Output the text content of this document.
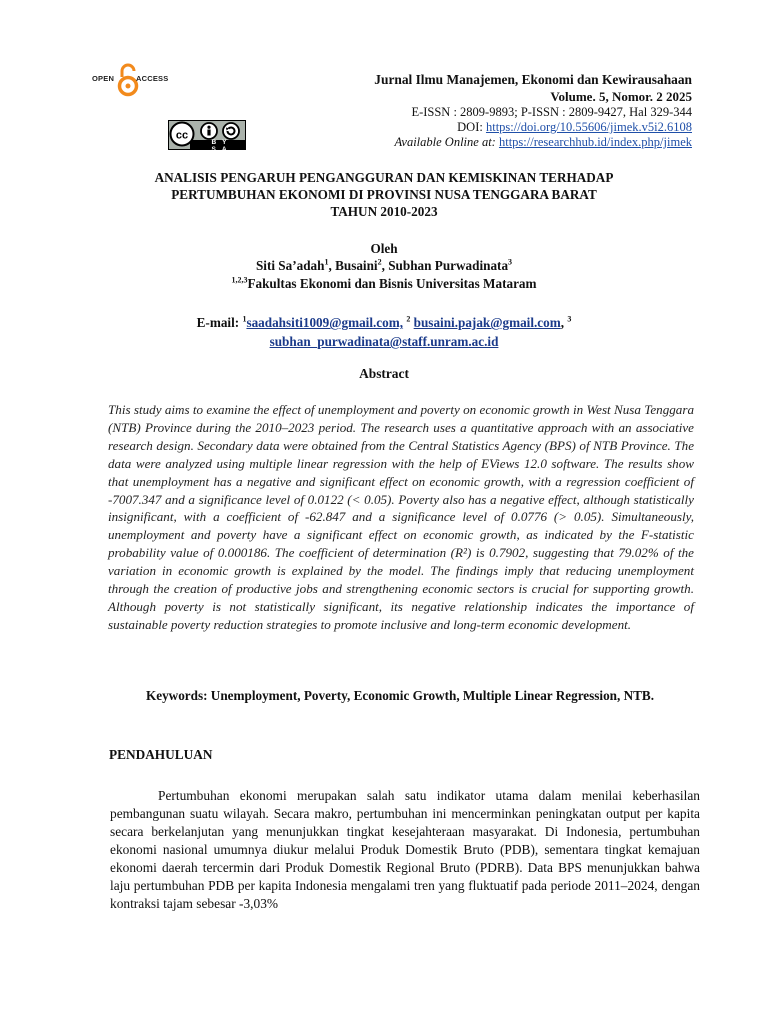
OPEN	ACCESS
cc
BY SA
Jurnal Ilmu Manajemen, Ekonomi dan Kewirausahaan
Volume. 5, Nomor. 2 2025
E-ISSN : 2809-9893; P-ISSN : 2809-9427, Hal 329-344
DOI: https://doi.org/10.55606/jimek.v5i2.6108
Available Online at: https://researchhub.id/index.php/jimek
ANALISIS PENGARUH PENGANGGURAN DAN KEMISKINAN TERHADAP
PERTUMBUHAN EKONOMI DI PROVINSI NUSA TENGGARA BARAT
TAHUN 2010-2023
Oleh
Siti Sa’adah$^1$, Busaini$^2$, Subhan Purwadinata$^3$
$^{1,2,3}$Fakultas Ekonomi dan Bisnis Universitas Mataram
E-mail: $^1$saadahsiti1009@gmail.com, $^2$ busaini.pajak@gmail.com, $^3$
subhan_purwadinata@staff.unram.ac.id
Abstract
This study aims to examine the effect of unemployment and poverty on economic growth in West Nusa Tenggara (NTB) Province during the 2010–2023 period. The research uses a quantitative approach with an associative research design. Secondary data were obtained from the Central Statistics Agency (BPS) of NTB Province. The data were analyzed using multiple linear regression with the help of EViews 12.0 software. The results show that unemployment has a negative and significant effect on economic growth, with a regression coefficient of -7007.347 and a significance level of 0.0122 (< 0.05). Poverty also has a negative effect, although statistically insignificant, with a coefficient of -62.847 and a significance level of 0.0776 (> 0.05). Simultaneously, unemployment and poverty have a significant effect on economic growth, as indicated by the F-statistic probability value of 0.000186. The coefficient of determination (R²) is 0.7902, suggesting that 79.02% of the variation in economic growth is explained by the model. The findings imply that reducing unemployment through the creation of productive jobs and strengthening economic sectors is crucial for supporting growth. Although poverty is not statistically significant, its negative relationship indicates the importance of sustainable poverty reduction strategies to promote inclusive and long-term economic development.
Keywords: Unemployment, Poverty, Economic Growth, Multiple Linear Regression, NTB.
PENDAHULUAN
Pertumbuhan ekonomi merupakan salah satu indikator utama dalam menilai keberhasilan pembangunan suatu wilayah. Secara makro, pertumbuhan ini mencerminkan peningkatan output per kapita secara berkelanjutan yang menunjukkan tingkat kesejahteraan masyarakat. Di Indonesia, pertumbuhan ekonomi nasional umumnya diukur melalui Produk Domestik Bruto (PDB), sementara tingkat kemajuan ekonomi daerah tercermin dari Produk Domestik Regional Bruto (PDRB). Data BPS menunjukkan bahwa laju pertumbuhan PDB per kapita Indonesia mengalami tren yang fluktuatif pada periode 2011–2024, dengan kontraksi tajam sebesar -3,03%
